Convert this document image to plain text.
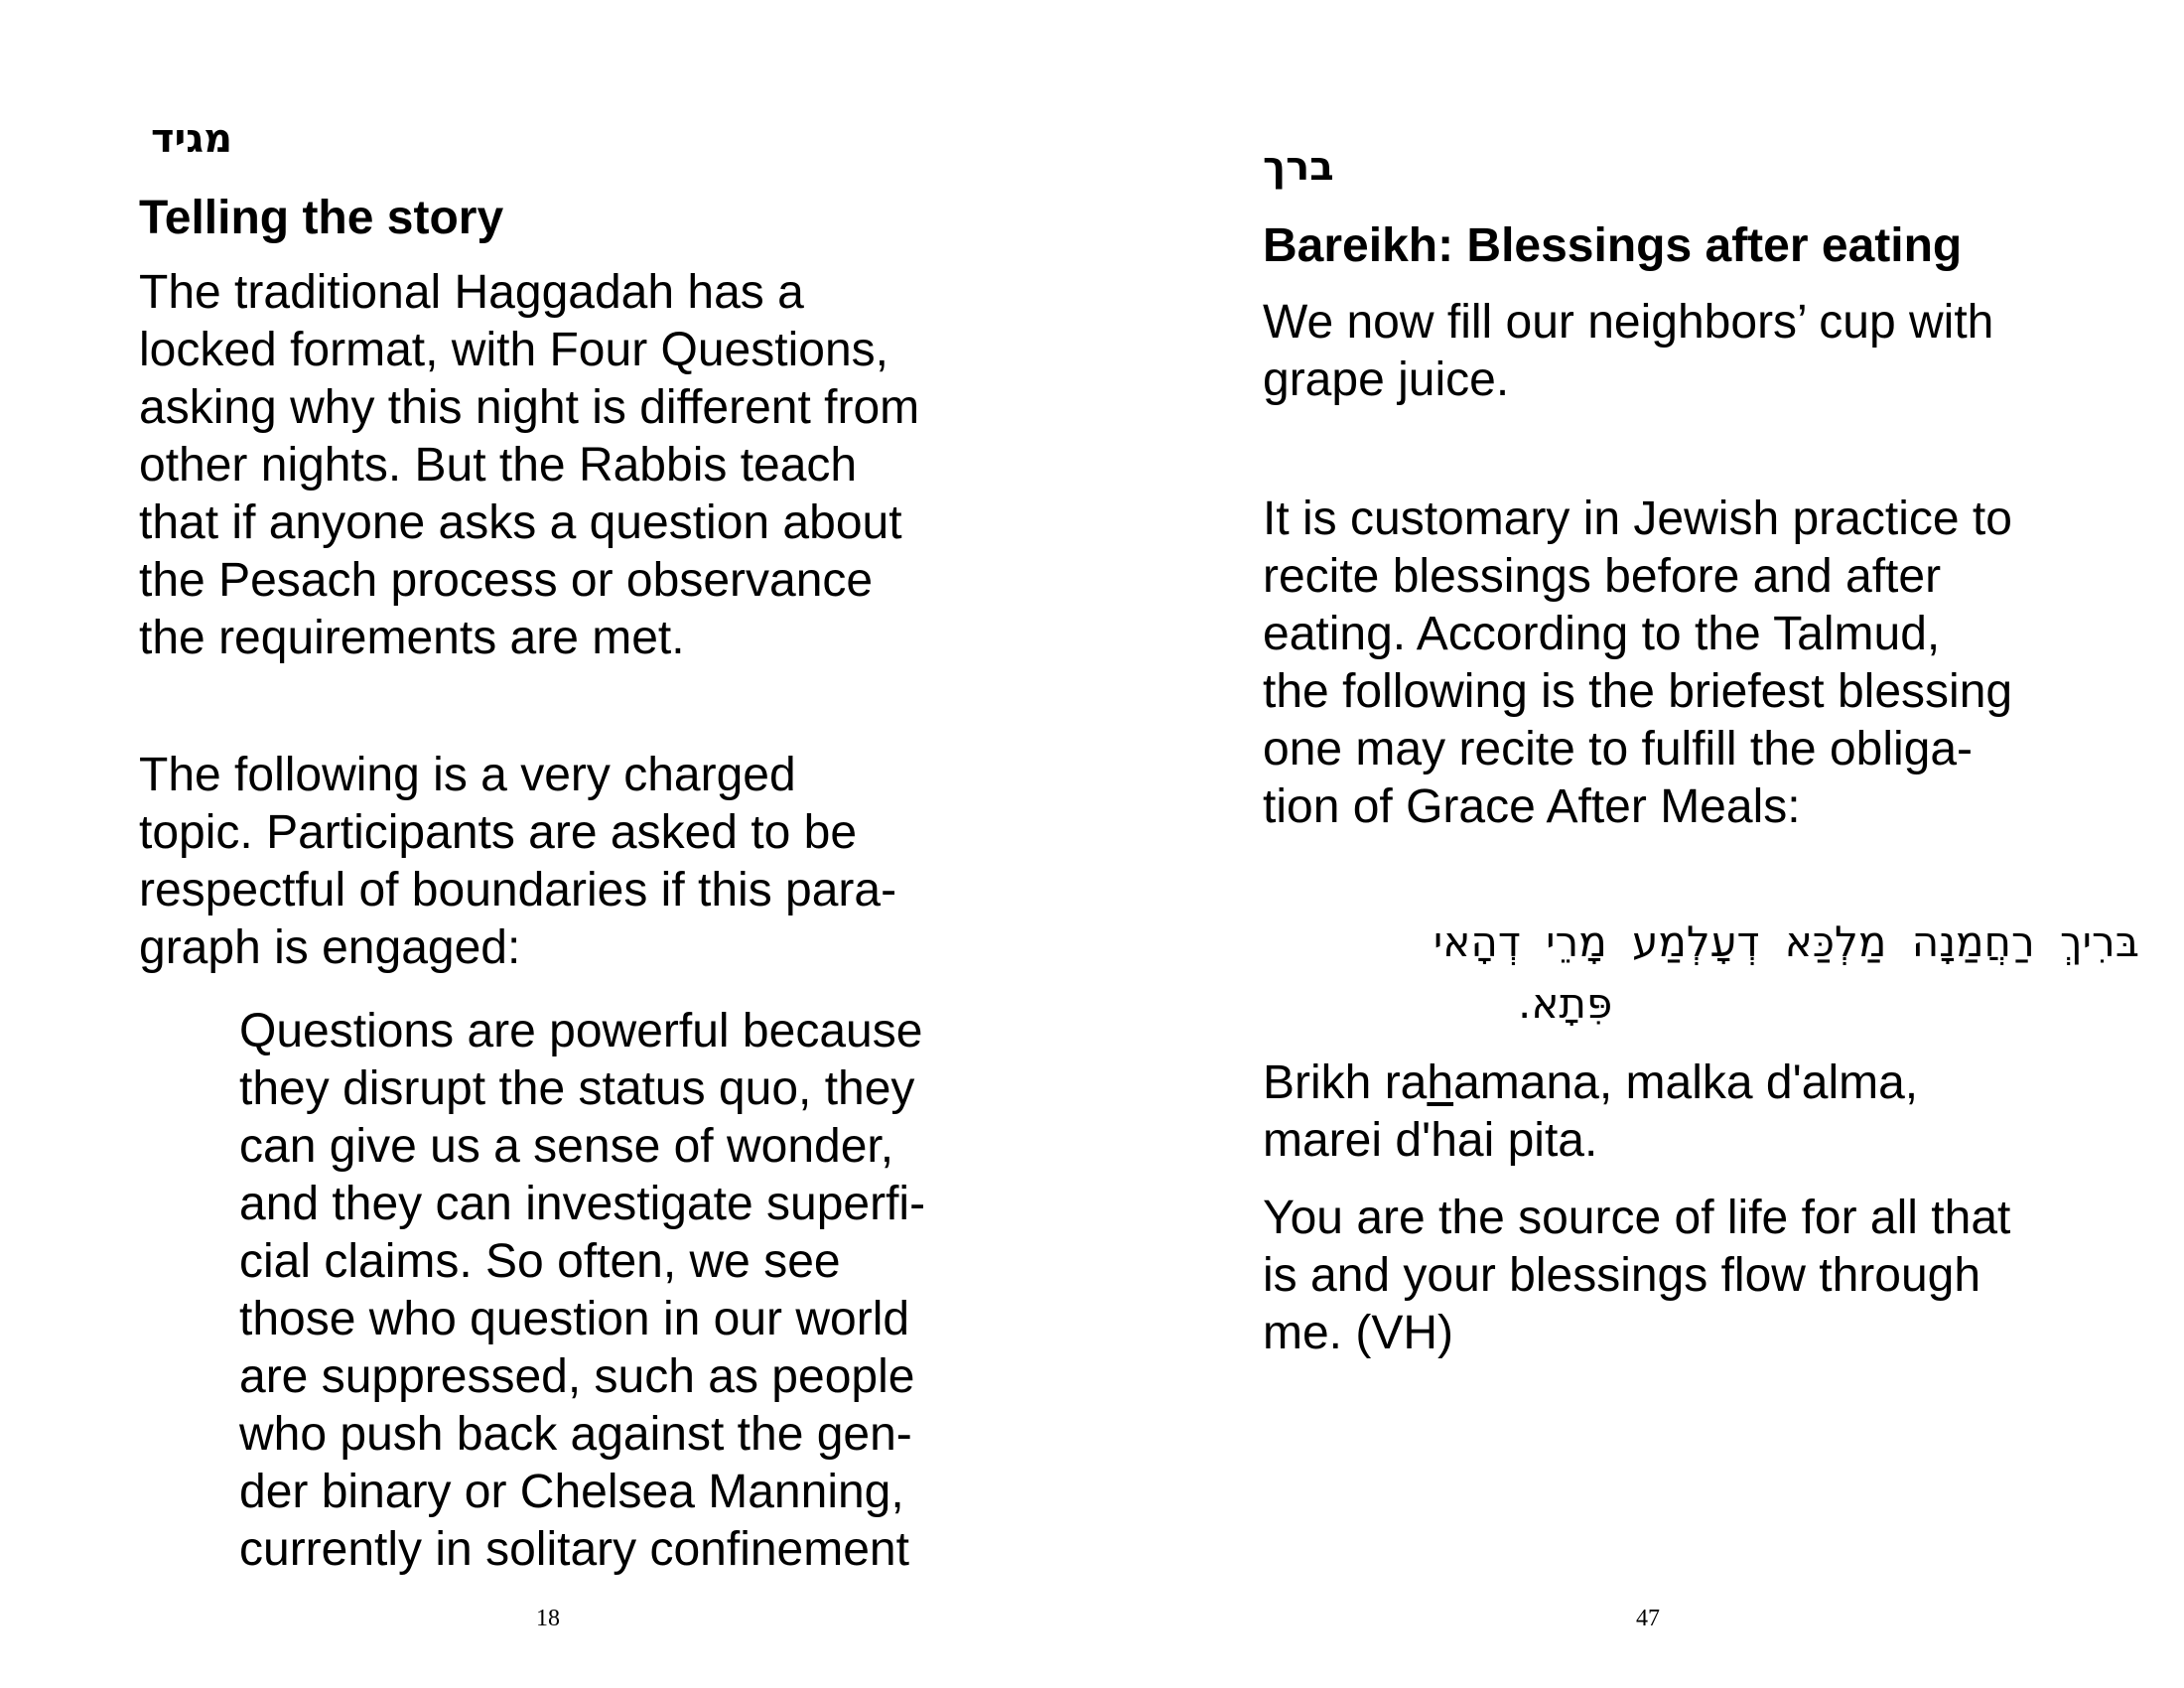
מגיד
Telling the story
The traditional Haggadah has a
locked format, with Four Questions,
asking why this night is different from
other nights. But the Rabbis teach
that if anyone asks a question about
the Pesach process or observance
the requirements are met.
The following is a very charged
topic. Participants are asked to be
respectful of boundaries if this para-
graph is engaged:
Questions are powerful because
they disrupt the status quo, they
can give us a sense of wonder,
and they can investigate superfi-
cial claims. So often, we see
those who question in our world
are suppressed, such as people
who push back against the gen-
der binary or Chelsea Manning,
currently in solitary confinement
18
ברך
Bareikh: Blessings after eating
We now fill our neighbors’ cup with
grape juice.
It is customary in Jewish practice to
recite blessings before and after
eating. According to the Talmud,
the following is the briefest blessing
one may recite to fulfill the obliga-
tion of Grace After Meals:
בּרִיךְ רַחֲמַנָה מַלְכַּא דְעָלְמַע מָרֵי דְהָאי
פִּתָא.
Brikh rahamana, malka d'alma,
marei d'hai pita.
You are the source of life for all that
is and your blessings flow through
me. (VH)
47
